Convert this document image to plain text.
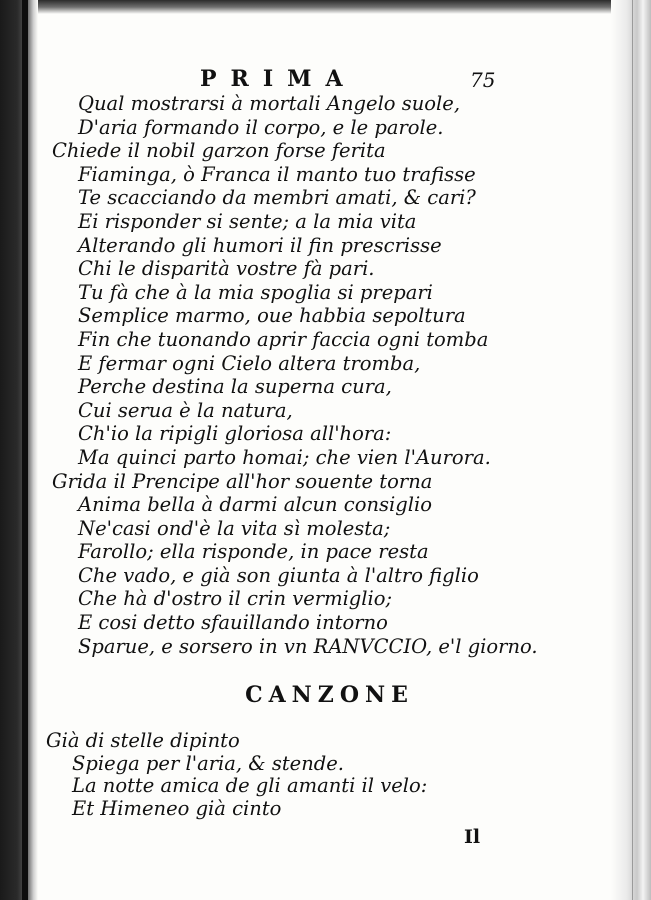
PRIMA	75
Qual mostrarsi à mortali Angelo suole,
D'aria formando il corpo, e le parole.
Chiede il nobil garzon forse ferita
Fiaminga, ò Franca il manto tuo trafisse
Te scacciando da membri amati, & cari?
Ei risponder si sente; a la mia vita
Alterando gli humori il fin prescrisse
Chi le disparità vostre fà pari.
Tu fà che à la mia spoglia si prepari
Semplice marmo, oue habbia sepoltura
Fin che tuonando aprir faccia ogni tomba
E fermar ogni Cielo altera tromba,
Perche destina la superna cura,
Cui serua è la natura,
Ch'io la ripigli gloriosa all'hora:
Ma quinci parto homai; che vien l'Aurora.
Grida il Prencipe all'hor souente torna
Anima bella à darmi alcun consiglio
Ne'casi ond'è la vita sì molesta;
Farollo; ella risponde, in pace resta
Che vado, e già son giunta à l'altro figlio
Che hà d'ostro il crin vermiglio;
E cosi detto sfauillando intorno
Sparue, e sorsero in vn RANVCCIO, e'l giorno.
CANZONE
Già di stelle dipinto
Spiega per l'aria, & stende.
La notte amica de gli amanti il velo:
Et Himeneo già cinto
Il
